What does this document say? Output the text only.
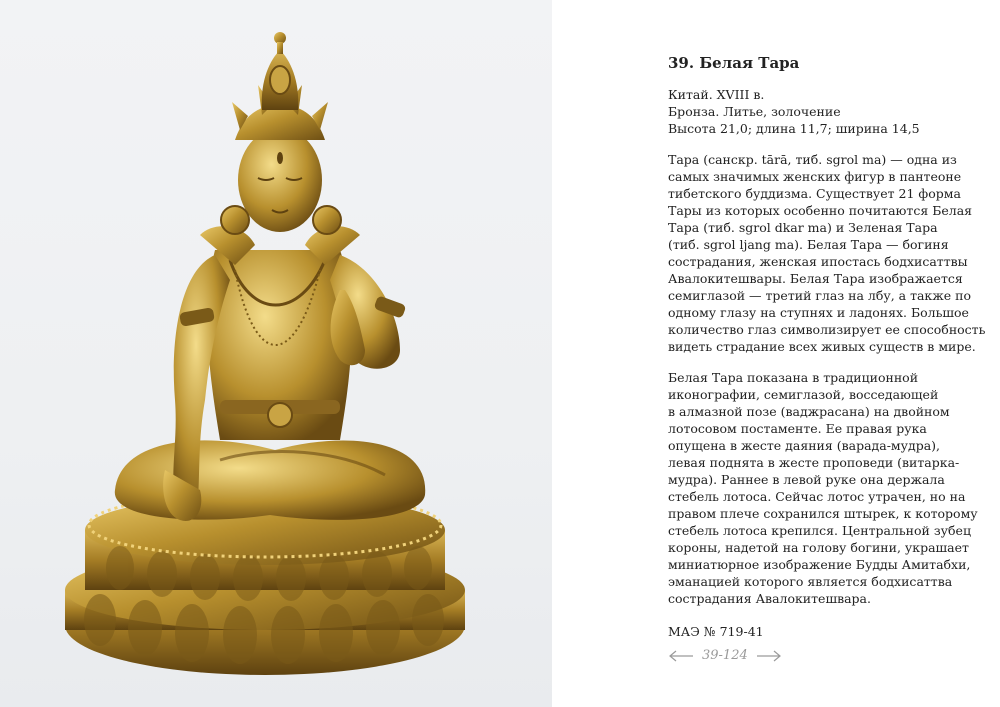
39. Белая Тара
Китай. XVIII в.
Бронза. Литье, золочение
Высота 21,0; длина 11,7; ширина 14,5
Тара (санскр. tārā, тиб. sgrol ma) — одна из
самых значимых женских фигур в пантеоне
тибетского буддизма. Существует 21 форма
Тары из которых особенно почитаются Белая
Тара (тиб. sgrol dkar ma) и Зеленая Тара
(тиб. sgrol ljang ma). Белая Тара — богиня
сострадания, женская ипостась бодхисаттвы
Авалокитешвары. Белая Тара изображается
семиглазой — третий глаз на лбу, а также по
одному глазу на ступнях и ладонях. Большое
количество глаз символизирует ее способность
видеть страдание всех живых существ в мире.
Белая Тара показана в традиционной
иконографии, семиглазой, восседающей
в алмазной позе (ваджрасана) на двойном
лотосовом постаменте. Ее правая рука
опущена в жесте даяния (варада-мудра),
левая поднята в жесте проповеди (витарка-
мудра). Раннее в левой руке она держала
стебель лотоса. Сейчас лотос утрачен, но на
правом плече сохранился штырек, к которому
стебель лотоса крепился. Центральной зубец
короны, надетой на голову богини, украшает
миниатюрное изображение Будды Амитабхи,
эманацией которого является бодхисаттва
сострадания Авалокитешвара.
МАЭ № 719-41
39-124
